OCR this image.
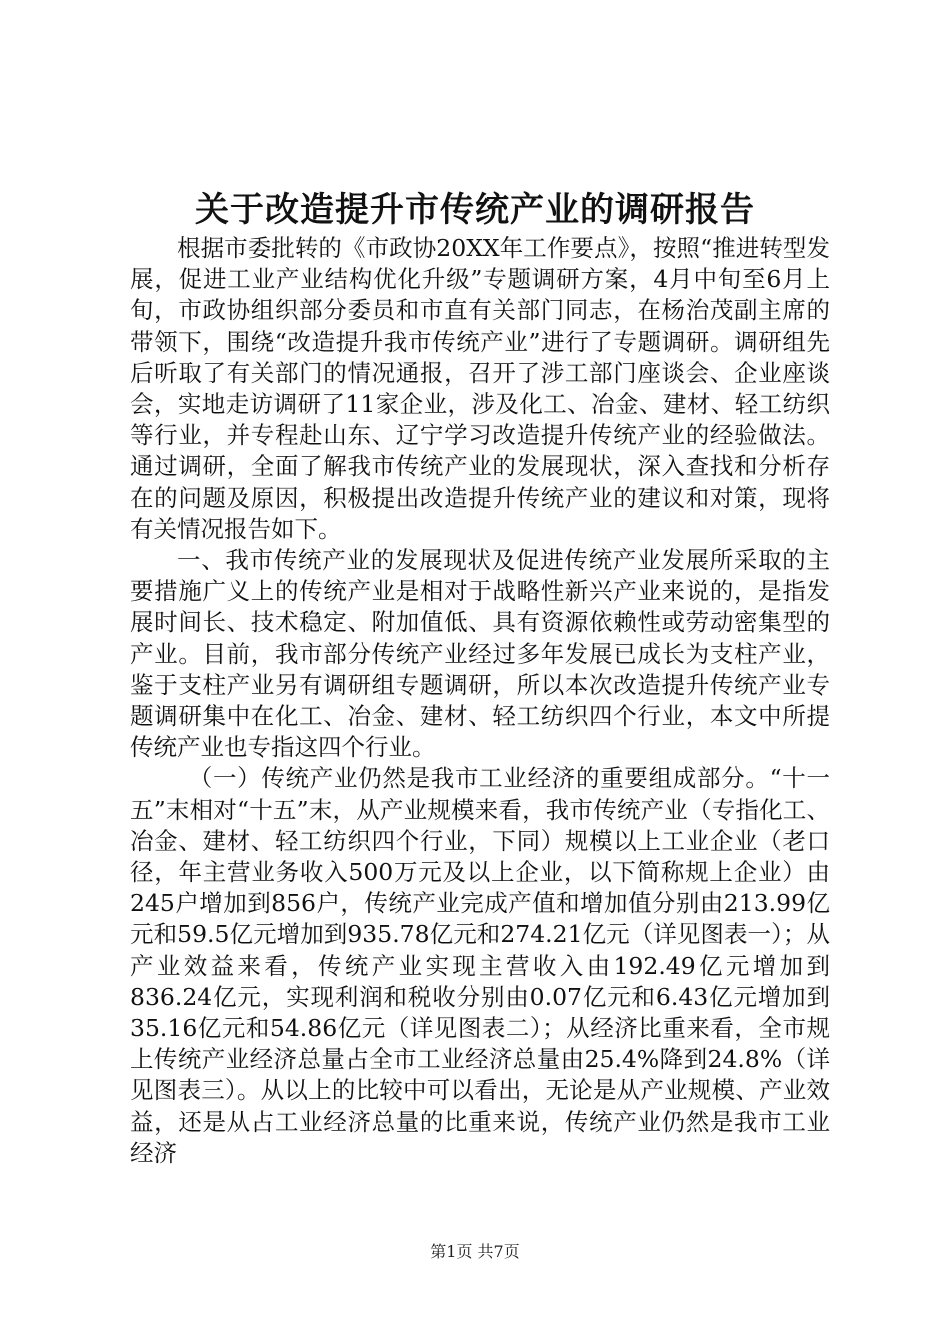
关于改造提升市传统产业的调研报告

根据市委批转的《市政协20XX年工作要点》，按照“推进转型发展，促进工业产业结构优化升级”专题调研方案，4月中旬至6月上旬，市政协组织部分委员和市直有关部门同志，在杨治茂副主席的带领下，围绕“改造提升我市传统产业”进行了专题调研。调研组先后听取了有关部门的情况通报，召开了涉工部门座谈会、企业座谈会，实地走访调研了11家企业，涉及化工、冶金、建材、轻工纺织等行业，并专程赴山东、辽宁学习改造提升传统产业的经验做法。通过调研，全面了解我市传统产业的发展现状，深入查找和分析存在的问题及原因，积极提出改造提升传统产业的建议和对策，现将有关情况报告如下。

一、我市传统产业的发展现状及促进传统产业发展所采取的主要措施广义上的传统产业是相对于战略性新兴产业来说的，是指发展时间长、技术稳定、附加值低、具有资源依赖性或劳动密集型的产业。目前，我市部分传统产业经过多年发展已成长为支柱产业，鉴于支柱产业另有调研组专题调研，所以本次改造提升传统产业专题调研集中在化工、冶金、建材、轻工纺织四个行业，本文中所提传统产业也专指这四个行业。

（一）传统产业仍然是我市工业经济的重要组成部分。“十一五”末相对“十五”末，从产业规模来看，我市传统产业（专指化工、冶金、建材、轻工纺织四个行业，下同）规模以上工业企业（老口径，年主营业务收入500万元及以上企业，以下简称规上企业）由245户增加到856户，传统产业完成产值和增加值分别由213.99亿元和59.5亿元增加到935.78亿元和274.21亿元（详见图表一）；从产业效益来看，传统产业实现主营收入由192.49亿元增加到836.24亿元，实现利润和税收分别由0.07亿元和6.43亿元增加到35.16亿元和54.86亿元（详见图表二）；从经济比重来看，全市规上传统产业经济总量占全市工业经济总量由25.4%降到24.8%（详见图表三）。从以上的比较中可以看出，无论是从产业规模、产业效益，还是从占工业经济总量的比重来说，传统产业仍然是我市工业经济

第1页 共7页
